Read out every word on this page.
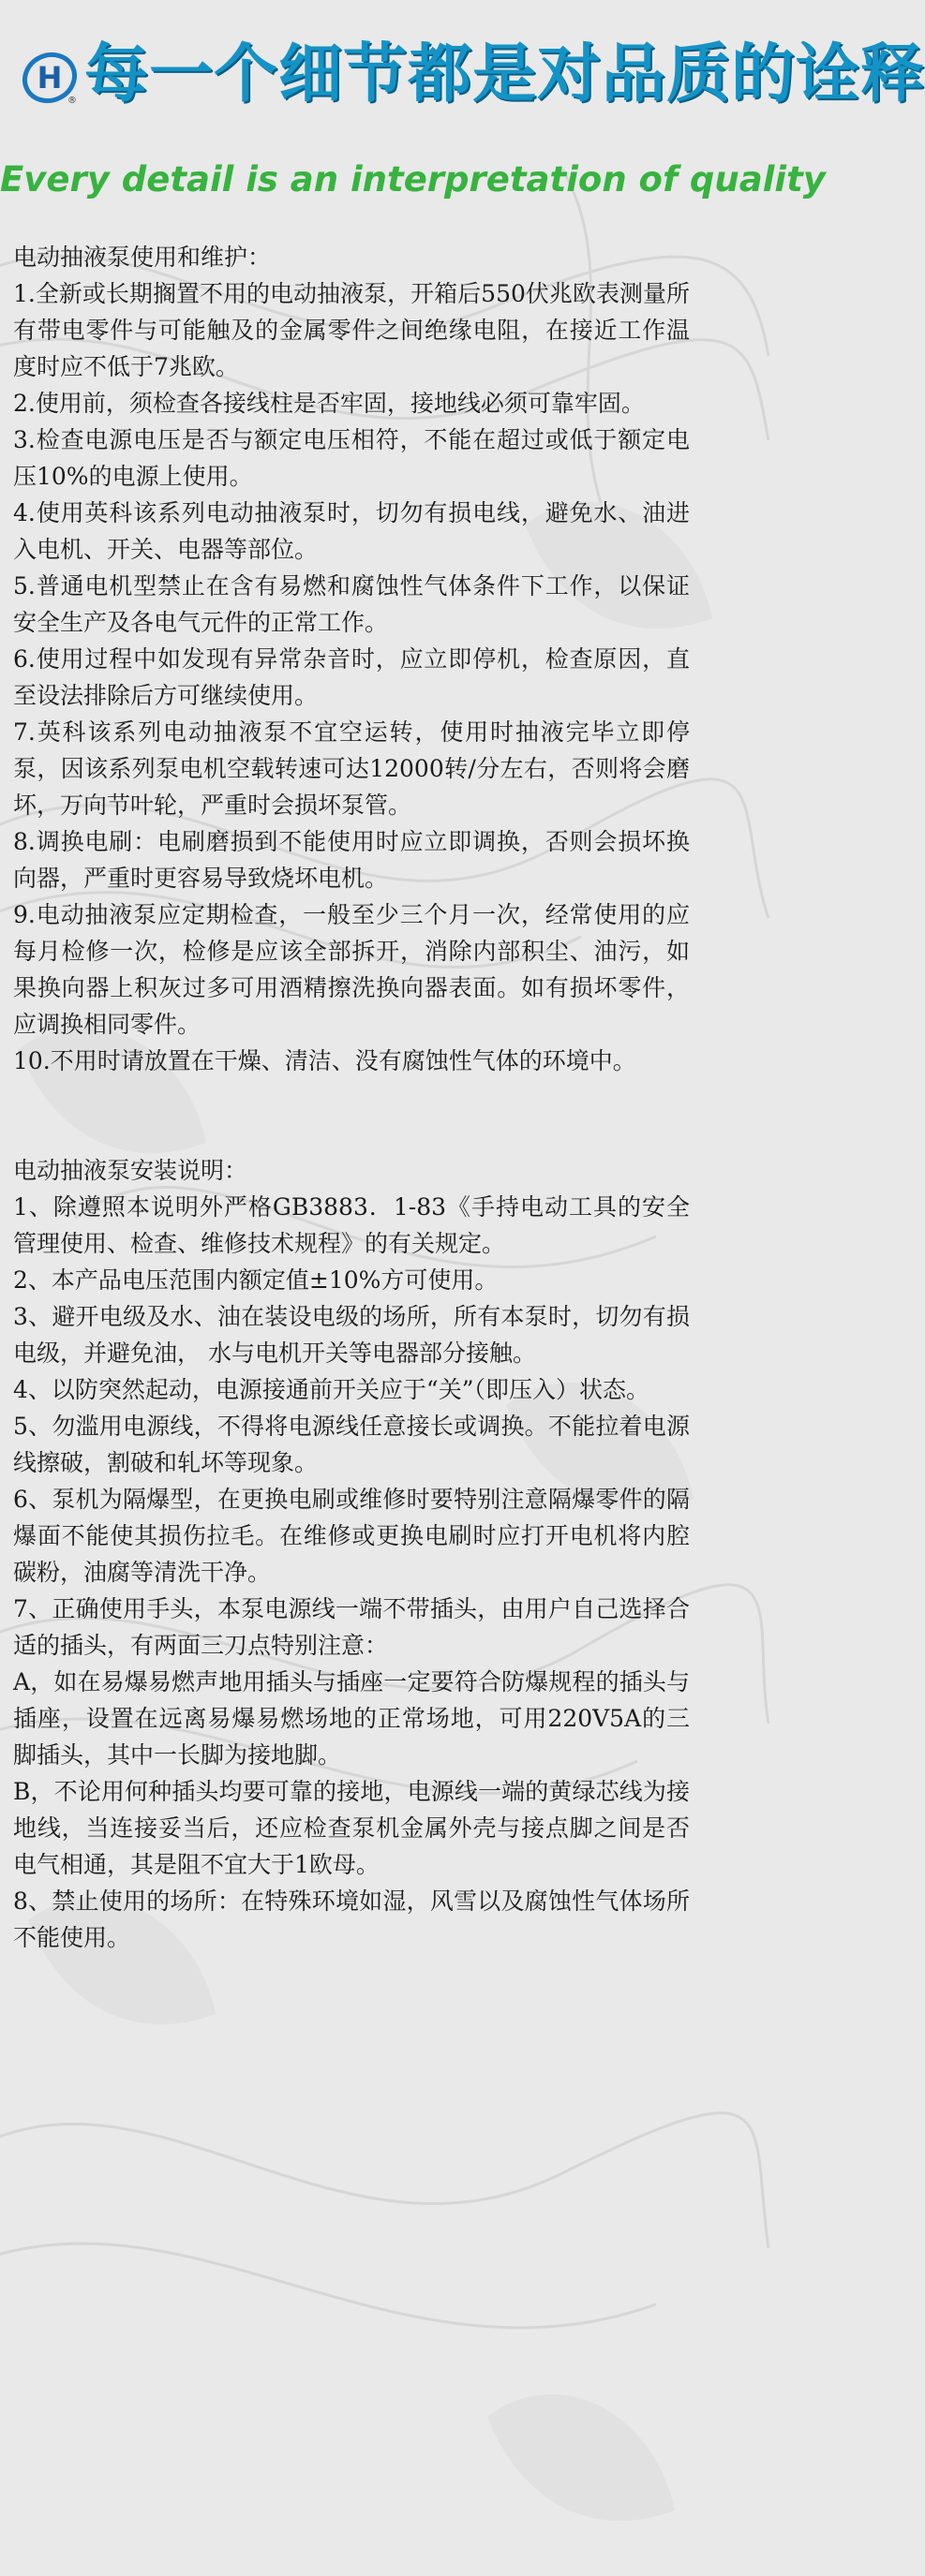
H
® 每一个细节都是对品质的诠释
Every detail is an interpretation of quality

电动抽液泵使用和维护：

1.全新或长期搁置不用的电动抽液泵，开箱后550伏兆欧表测量所有带电零件与可能触及的金属零件之间绝缘电阻，在接近工作温度时应不低于7兆欧。

2.使用前，须检查各接线柱是否牢固，接地线必须可靠牢固。

3.检查电源电压是否与额定电压相符，不能在超过或低于额定电压10%的电源上使用。

4.使用英科该系列电动抽液泵时，切勿有损电线，避免水、油进入电机、开关、电器等部位。

5.普通电机型禁止在含有易燃和腐蚀性气体条件下工作，以保证安全生产及各电气元件的正常工作。

6.使用过程中如发现有异常杂音时，应立即停机，检查原因，直至设法排除后方可继续使用。

7.英科该系列电动抽液泵不宜空运转，使用时抽液完毕立即停泵，因该系列泵电机空载转速可达12000转/分左右，否则将会磨坏，万向节叶轮，严重时会损坏泵管。

8.调换电刷：电刷磨损到不能使用时应立即调换，否则会损坏换向器，严重时更容易导致烧坏电机。

9.电动抽液泵应定期检查，一般至少三个月一次，经常使用的应每月检修一次，检修是应该全部拆开，消除内部积尘、油污，如果换向器上积灰过多可用酒精擦洗换向器表面。如有损坏零件，应调换相同零件。

10.不用时请放置在干燥、清洁、没有腐蚀性气体的环境中。

电动抽液泵安装说明：

1、除遵照本说明外严格GB3883．1-83《手持电动工具的安全管理使用、检查、维修技术规程》的有关规定。

2、本产品电压范围内额定值±10%方可使用。

3、避开电级及水、油在装设电级的场所，所有本泵时，切勿有损电级，并避免油， 水与电机开关等电器部分接触。

4、以防突然起动，电源接通前开关应于“关”（即压入）状态。

5、勿滥用电源线，不得将电源线任意接长或调换。不能拉着电源线擦破，割破和轧坏等现象。

6、泵机为隔爆型，在更换电刷或维修时要特别注意隔爆零件的隔爆面不能使其损伤拉毛。在维修或更换电刷时应打开电机将内腔碳粉，油腐等清洗干净。

7、正确使用手头，本泵电源线一端不带插头，由用户自己选择合适的插头，有两面三刀点特别注意：

A，如在易爆易燃声地用插头与插座一定要符合防爆规程的插头与插座，设置在远离易爆易燃场地的正常场地，可用220V5A的三脚插头，其中一长脚为接地脚。

B，不论用何种插头均要可靠的接地，电源线一端的黄绿芯线为接地线，当连接妥当后，还应检查泵机金属外壳与接点脚之间是否电气相通，其是阻不宜大于1欧母。

8、禁止使用的场所：在特殊环境如湿，风雪以及腐蚀性气体场所不能使用。
